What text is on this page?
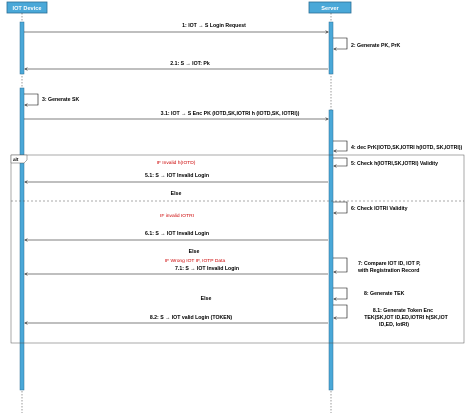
IOT Device	Server
alt
1: IOT → S Login Request
2: Generate PK, PrK
2.1: S → IOT: Pk
3: Generate SK
3.1: IOT → S Enc PK (IOTD,SK,IOTRI h (IOTD,SK, IOTRI))
4: dec PrK(IOTD,SK,IOTRI h(IOTD, SK,IOTRI))
5: Check h(IOTRI,SK,IOTRI) Validity
IF Invalid h(IOTD)
5.1: S → IOT Invalid Login
Else
6: Check IOTRI Validity
IF invalid IOTRI
6.1: S → IOT Invalid Login
Else
IF Wrong IOT IF, IOTP Data	7: Compare IOT ID, IOT P,
with Registration Record
7.1: S → IOT Invalid Login
8: Generate TEK
Else
8.1: Generate Token Enc
TEK(SK,IOT ID,ED,IOTRI h(SK,IOT
ID,ED, IotRI)
8.2: S → IOT valid Login (TOKEN)
